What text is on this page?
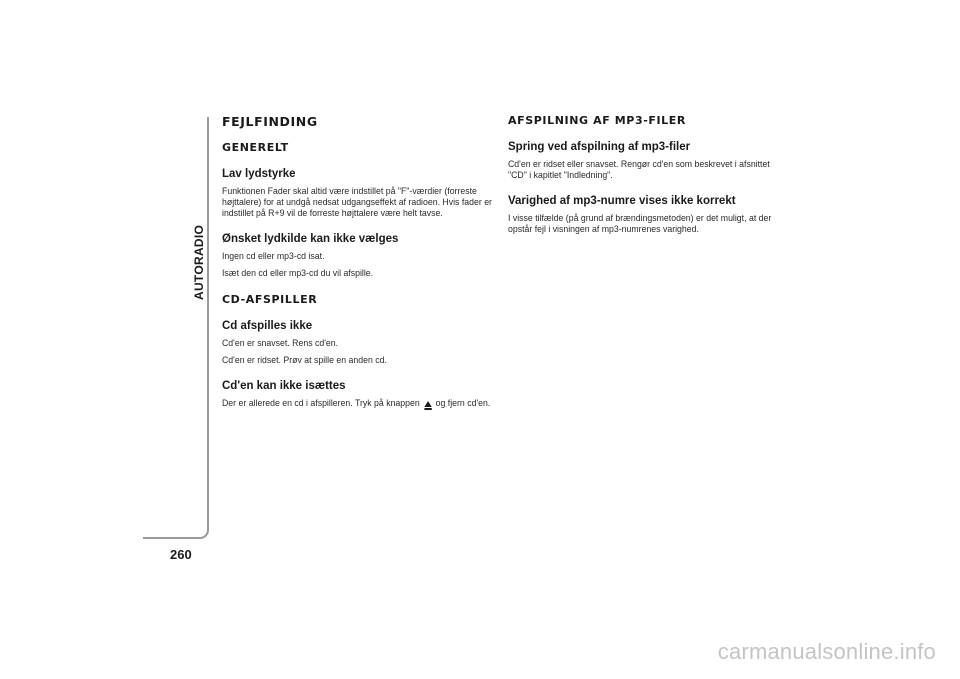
AUTORADIO
260
FEJLFINDING
GENERELT
Lav lydstyrke

Funktionen Fader skal altid være indstillet på "F"-værdier (forreste højttalere) for at undgå nedsat udgangseffekt af radioen. Hvis fader er indstillet på R+9 vil de forreste højttalere være helt tavse.

Ønsket lydkilde kan ikke vælges

Ingen cd eller mp3-cd isat.

Isæt den cd eller mp3-cd du vil afspille.

CD-AFSPILLER
Cd afspilles ikke

Cd'en er snavset. Rens cd'en.

Cd'en er ridset. Prøv at spille en anden cd.

Cd'en kan ikke isættes

Der er allerede en cd i afspilleren. Tryk på knappen og fjern cd'en.

AFSPILNING AF MP3-FILER
Spring ved afspilning af mp3-filer

Cd'en er ridset eller snavset. Rengør cd'en som beskrevet i afsnittet "CD" i kapitlet "Indledning".

Varighed af mp3-numre vises ikke korrekt

I visse tilfælde (på grund af brændingsmetoden) er det muligt, at der opstår fejl i visningen af mp3-numrenes varighed.

carmanualsonline.info
